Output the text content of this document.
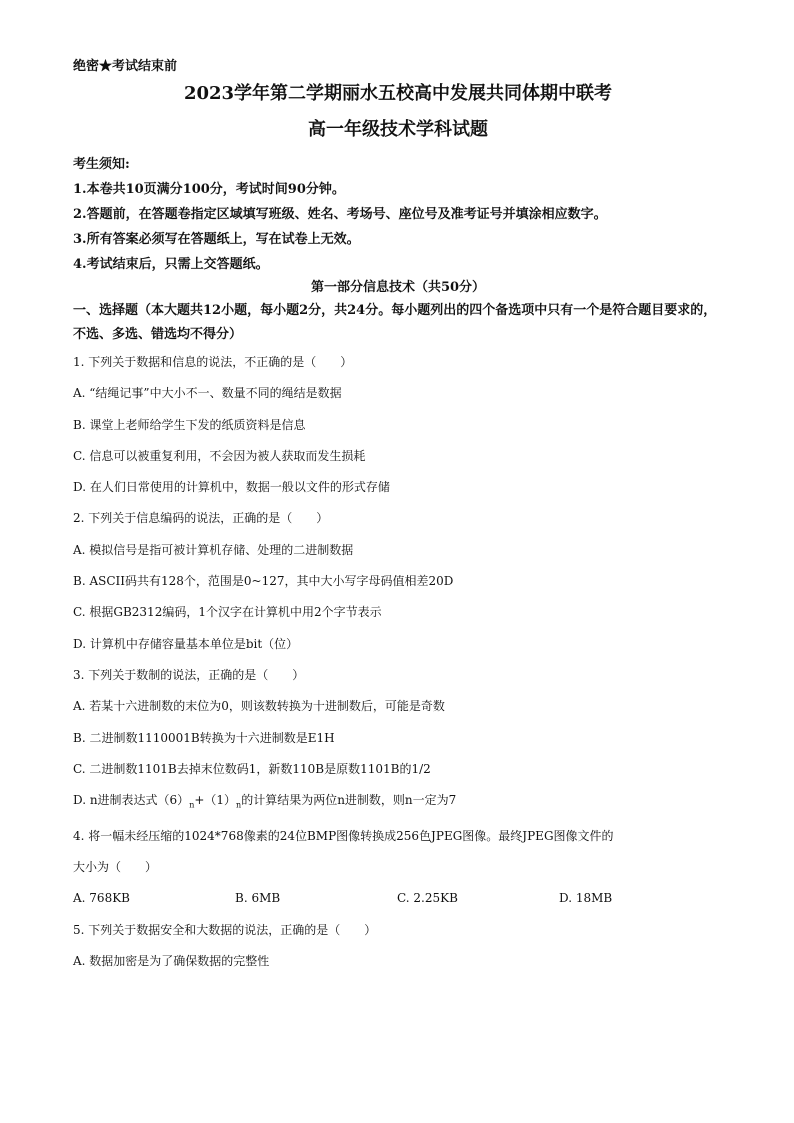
绝密★考试结束前
2023学年第二学期丽水五校高中发展共同体期中联考
高一年级技术学科试题
考生须知:
1.本卷共10页满分100分，考试时间90分钟。
2.答题前，在答题卷指定区域填写班级、姓名、考场号、座位号及准考证号并填涂相应数字。
3.所有答案必须写在答题纸上，写在试卷上无效。
4.考试结束后，只需上交答题纸。
第一部分信息技术（共50分）
一、选择题（本大题共12小题，每小题2分，共24分。每小题列出的四个备选项中只有一个是符合题目要求的，不选、多选、错选均不得分）
1. 下列关于数据和信息的说法，不正确的是（　　）
A. “结绳记事”中大小不一、数量不同的绳结是数据
B. 课堂上老师给学生下发的纸质资料是信息
C. 信息可以被重复利用，不会因为被人获取而发生损耗
D. 在人们日常使用的计算机中，数据一般以文件的形式存储
2. 下列关于信息编码的说法，正确的是（　　）
A. 模拟信号是指可被计算机存储、处理的二进制数据
B. ASCII码共有128个，范围是0~127，其中大小写字母码值相差20D
C. 根据GB2312编码，1个汉字在计算机中用2个字节表示
D. 计算机中存储容量基本单位是bit（位）
3. 下列关于数制的说法，正确的是（　　）
A. 若某十六进制数的末位为0，则该数转换为十进制数后，可能是奇数
B. 二进制数1110001B转换为十六进制数是E1H
C. 二进制数1101B去掉末位数码1，新数110B是原数1101B的1/2
D. n进制表达式$(6)_n+(1)_n$的计算结果为两位n进制数，则n一定为7
4. 将一幅未经压缩的1024*768像素的24位BMP图像转换成256色JPEG图像。最终JPEG图像文件的
大小为（　　）
A. 768KB	B. 6MB	C. 2.25KB	D. 18MB
5. 下列关于数据安全和大数据的说法，正确的是（　　）
A. 数据加密是为了确保数据的完整性
